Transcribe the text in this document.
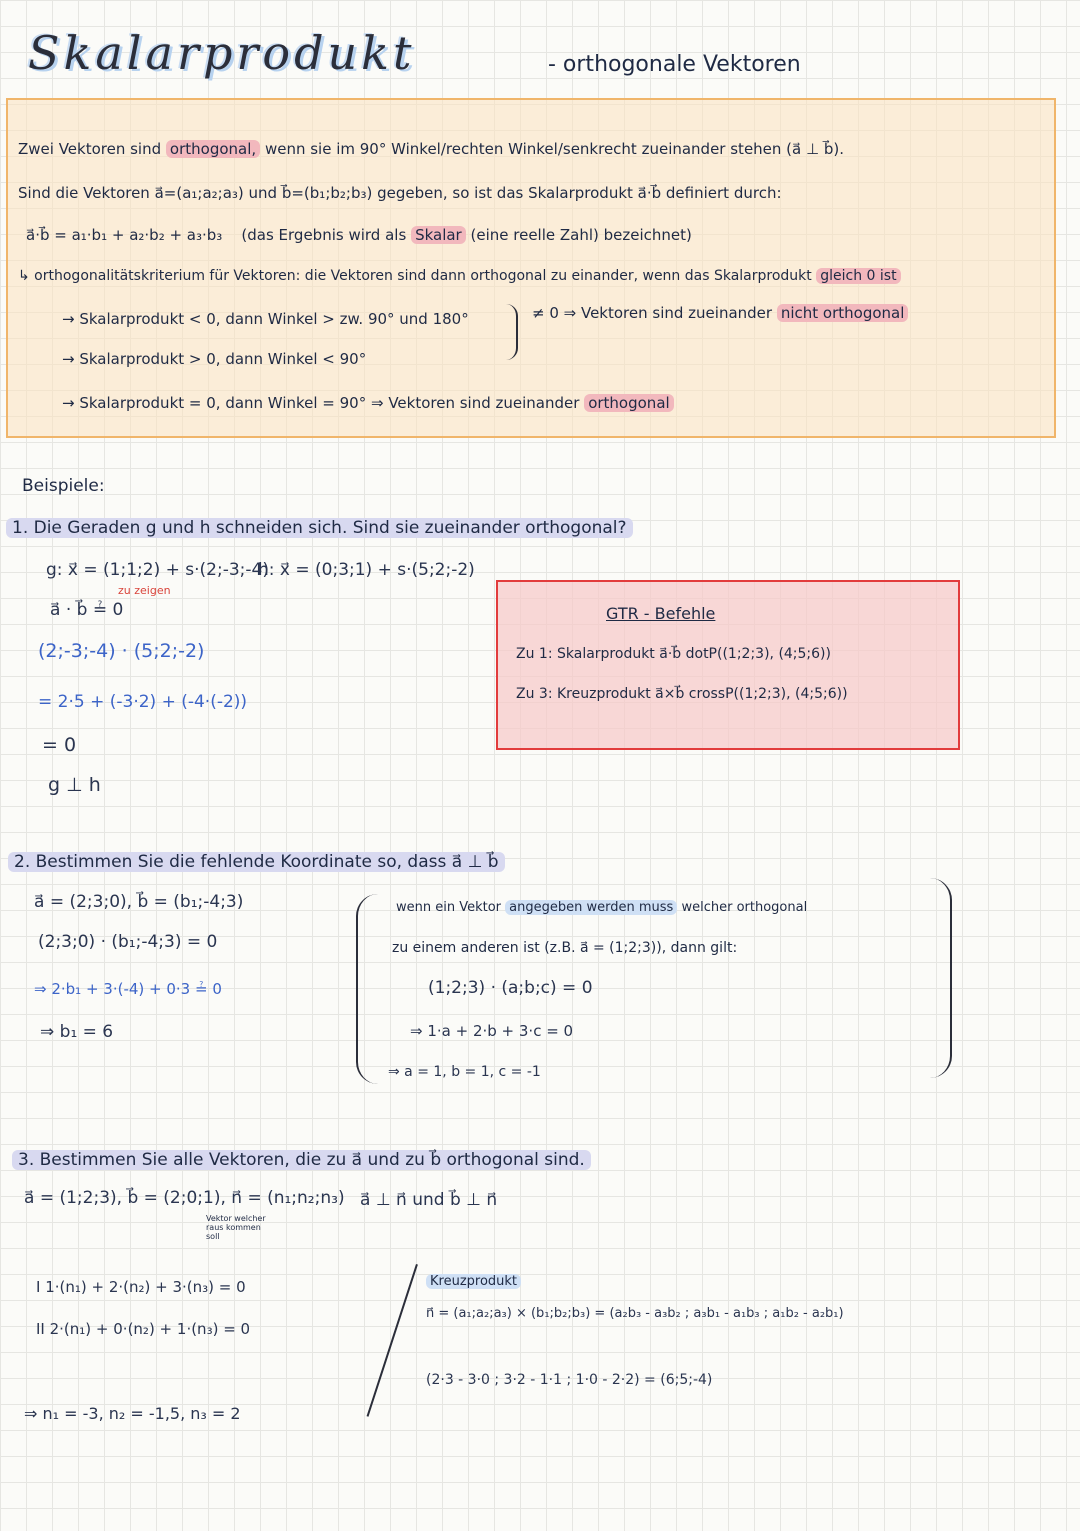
Skalarprodukt	- orthogonale Vektoren
Zwei Vektoren sind orthogonal, wenn sie im 90° Winkel/rechten Winkel/senkrecht zueinander stehen (a⃗ ⊥ b⃗).
Sind die Vektoren a⃗=(a₁;a₂;a₃) und b⃗=(b₁;b₂;b₃) gegeben, so ist das Skalarprodukt a⃗·b⃗ definiert durch:
a⃗·b⃗ = a₁·b₁ + a₂·b₂ + a₃·b₃ (das Ergebnis wird als Skalar (eine reelle Zahl) bezeichnet)
↳ orthogonalitätskriterium für Vektoren: die Vektoren sind dann orthogonal zu einander, wenn das Skalarprodukt gleich 0 ist
→ Skalarprodukt < 0, dann Winkel > zw. 90° und 180°
→ Skalarprodukt > 0, dann Winkel < 90°
≠ 0 ⇒ Vektoren sind zueinander nicht orthogonal
→ Skalarprodukt = 0, dann Winkel = 90° ⇒ Vektoren sind zueinander orthogonal
Beispiele:
1. Die Geraden g und h schneiden sich. Sind sie zueinander orthogonal?
g: x⃗ = (1;1;2) + s·(2;-3;-4)
h: x⃗ = (0;3;1) + s·(5;2;-2)
zu zeigen
a⃗ · b⃗ ≟ 0
(2;-3;-4) · (5;2;-2)
= 2·5 + (-3·2) + (-4·(-2))
= 0
g ⊥ h
GTR - Befehle
Zu 1: Skalarprodukt a⃗·b⃗ dotP((1;2;3), (4;5;6))
Zu 3: Kreuzprodukt a⃗×b⃗ crossP((1;2;3), (4;5;6))
2. Bestimmen Sie die fehlende Koordinate so, dass a⃗ ⊥ b⃗
a⃗ = (2;3;0), b⃗ = (b₁;-4;3)
(2;3;0) · (b₁;-4;3) = 0
⇒ 2·b₁ + 3·(-4) + 0·3 ≟ 0
⇒ b₁ = 6
wenn ein Vektor angegeben werden muss welcher orthogonal
zu einem anderen ist (z.B. a⃗ = (1;2;3)), dann gilt:
(1;2;3) · (a;b;c) = 0
⇒ 1·a + 2·b + 3·c = 0
⇒ a = 1, b = 1, c = -1
3. Bestimmen Sie alle Vektoren, die zu a⃗ und zu b⃗ orthogonal sind.
a⃗ = (1;2;3), b⃗ = (2;0;1), n⃗ = (n₁;n₂;n₃)
Vektor welcher raus kommen soll
a⃗ ⊥ n⃗ und b⃗ ⊥ n⃗
I 1·(n₁) + 2·(n₂) + 3·(n₃) = 0
II 2·(n₁) + 0·(n₂) + 1·(n₃) = 0
⇒ n₁ = -3, n₂ = -1,5, n₃ = 2
Kreuzprodukt
n⃗ = (a₁;a₂;a₃) × (b₁;b₂;b₃) = (a₂b₃ - a₃b₂ ; a₃b₁ - a₁b₃ ; a₁b₂ - a₂b₁)
(2·3 - 3·0 ; 3·2 - 1·1 ; 1·0 - 2·2) = (6;5;-4)
